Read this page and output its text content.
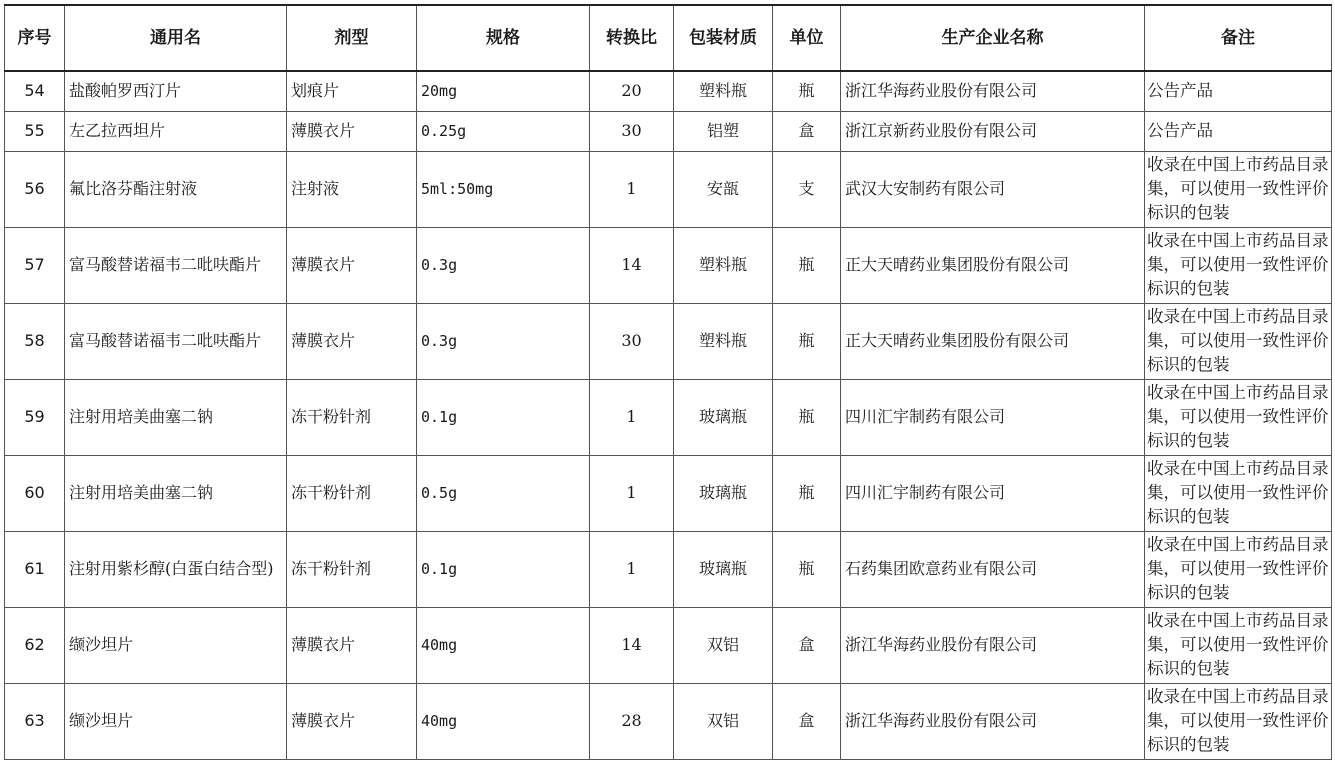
序号	通用名	剂型	规格	转换比	包装材质	单位	生产企业名称	备注
54	盐酸帕罗西汀片	划痕片	20mg	20	塑料瓶	瓶	浙江华海药业股份有限公司	公告产品
55	左乙拉西坦片	薄膜衣片	0.25g	30	铝塑	盒	浙江京新药业股份有限公司	公告产品
56	氟比洛芬酯注射液	注射液	5ml:50mg	1	安瓿	支	武汉大安制药有限公司	收录在中国上市药品目录集，可以使用一致性评价标识的包装
57	富马酸替诺福韦二吡呋酯片	薄膜衣片	0.3g	14	塑料瓶	瓶	正大天晴药业集团股份有限公司	收录在中国上市药品目录集，可以使用一致性评价标识的包装
58	富马酸替诺福韦二吡呋酯片	薄膜衣片	0.3g	30	塑料瓶	瓶	正大天晴药业集团股份有限公司	收录在中国上市药品目录集，可以使用一致性评价标识的包装
59	注射用培美曲塞二钠	冻干粉针剂	0.1g	1	玻璃瓶	瓶	四川汇宇制药有限公司	收录在中国上市药品目录集，可以使用一致性评价标识的包装
60	注射用培美曲塞二钠	冻干粉针剂	0.5g	1	玻璃瓶	瓶	四川汇宇制药有限公司	收录在中国上市药品目录集，可以使用一致性评价标识的包装
61	注射用紫杉醇(白蛋白结合型)	冻干粉针剂	0.1g	1	玻璃瓶	瓶	石药集团欧意药业有限公司	收录在中国上市药品目录集，可以使用一致性评价标识的包装
62	缬沙坦片	薄膜衣片	40mg	14	双铝	盒	浙江华海药业股份有限公司	收录在中国上市药品目录集，可以使用一致性评价标识的包装
63	缬沙坦片	薄膜衣片	40mg	28	双铝	盒	浙江华海药业股份有限公司	收录在中国上市药品目录集，可以使用一致性评价标识的包装
